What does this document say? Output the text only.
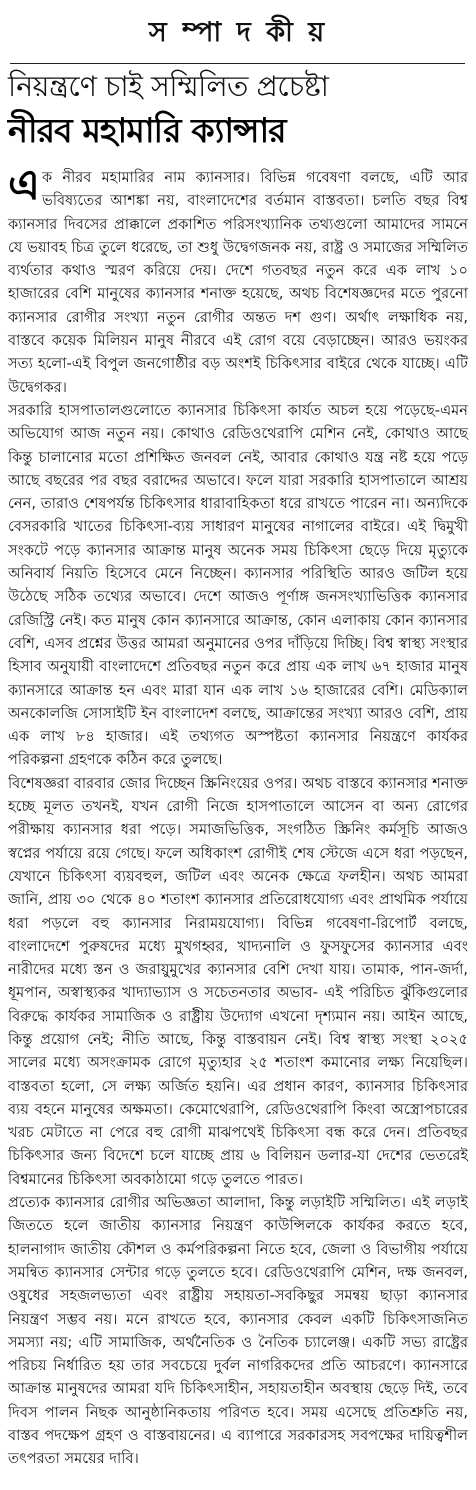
স ম্পা দ কী য়
নিয়ন্ত্রণে চাই সম্মিলিত প্রচেষ্টা
নীরব মহামারি ক্যান্সার

এক নীরব মহামারির নাম ক্যানসার। বিভিন্ন গবেষণা বলছে, এটি আর ভবিষ্যতের আশঙ্কা নয়, বাংলাদেশের বর্তমান বাস্তবতা। চলতি বছর বিশ্ব ক্যানসার দিবসের প্রাক্কালে প্রকাশিত পরিসংখ্যানিক তথ্যগুলো আমাদের সামনে যে ভয়াবহ চিত্র তুলে ধরেছে, তা শুধু উদ্বেগজনক নয়, রাষ্ট্র ও সমাজের সম্মিলিত ব্যর্থতার কথাও স্মরণ করিয়ে দেয়। দেশে গতবছর নতুন করে এক লাখ ১০ হাজারের বেশি মানুষের ক্যানসার শনাক্ত হয়েছে, অথচ বিশেষজ্ঞদের মতে পুরনো ক্যানসার রোগীর সংখ্যা নতুন রোগীর অন্তত দশ গুণ। অর্থাৎ লক্ষাধিক নয়, বাস্তবে কয়েক মিলিয়ন মানুষ নীরবে এই রোগ বয়ে বেড়াচ্ছেন। আরও ভয়ংকর সত্য হলো-এই বিপুল জনগোষ্ঠীর বড় অংশই চিকিৎসার বাইরে থেকে যাচ্ছে। এটি উদ্বেগকর।

সরকারি হাসপাতালগুলোতে ক্যানসার চিকিৎসা কার্যত অচল হয়ে পড়েছে-এমন অভিযোগ আজ নতুন নয়। কোথাও রেডিওথেরাপি মেশিন নেই, কোথাও আছে কিন্তু চালানোর মতো প্রশিক্ষিত জনবল নেই, আবার কোথাও যন্ত্র নষ্ট হয়ে পড়ে আছে বছরের পর বছর বরাদ্দের অভাবে। ফলে যারা সরকারি হাসপাতালে আশ্রয় নেন, তারাও শেষপর্যন্ত চিকিৎসার ধারাবাহিকতা ধরে রাখতে পারেন না। অন্যদিকে বেসরকারি খাতের চিকিৎসা-ব্যয় সাধারণ মানুষের নাগালের বাইরে। এই দ্বিমুখী সংকটে পড়ে ক্যানসার আক্রান্ত মানুষ অনেক সময় চিকিৎসা ছেড়ে দিয়ে মৃত্যুকে অনিবার্য নিয়তি হিসেবে মেনে নিচ্ছেন। ক্যানসার পরিস্থিতি আরও জটিল হয়ে উঠেছে সঠিক তথ্যের অভাবে। দেশে আজও পূর্ণাঙ্গ জনসংখ্যাভিত্তিক ক্যানসার রেজিস্ট্রি নেই। কত মানুষ কোন ক্যানসারে আক্রান্ত, কোন এলাকায় কোন ক্যানসার বেশি, এসব প্রশ্নের উত্তর আমরা অনুমানের ওপর দাঁড়িয়ে দিচ্ছি। বিশ্ব স্বাস্থ্য সংস্থার হিসাব অনুযায়ী বাংলাদেশে প্রতিবছর নতুন করে প্রায় এক লাখ ৬৭ হাজার মানুষ ক্যানসারে আক্রান্ত হন এবং মারা যান এক লাখ ১৬ হাজারের বেশি। মেডিক্যাল অনকোলজি সোসাইটি ইন বাংলাদেশ বলছে, আক্রান্তের সংখ্যা আরও বেশি, প্রায় এক লাখ ৮৪ হাজার। এই তথ্যগত অস্পষ্টতা ক্যানসার নিয়ন্ত্রণে কার্যকর পরিকল্পনা গ্রহণকে কঠিন করে তুলছে।

বিশেষজ্ঞরা বারবার জোর দিচ্ছেন স্ক্রিনিংয়ের ওপর। অথচ বাস্তবে ক্যানসার শনাক্ত হচ্ছে মূলত তখনই, যখন রোগী নিজে হাসপাতালে আসেন বা অন্য রোগের পরীক্ষায় ক্যানসার ধরা পড়ে। সমাজভিত্তিক, সংগঠিত স্ক্রিনিং কর্মসূচি আজও স্বপ্নের পর্যায়ে রয়ে গেছে। ফলে অধিকাংশ রোগীই শেষ স্টেজে এসে ধরা পড়ছেন, যেখানে চিকিৎসা ব্যয়বহুল, জটিল এবং অনেক ক্ষেত্রে ফলহীন। অথচ আমরা জানি, প্রায় ৩০ থেকে ৪০ শতাংশ ক্যানসার প্রতিরোধযোগ্য এবং প্রাথমিক পর্যায়ে ধরা পড়লে বহু ক্যানসার নিরাময়যোগ্য। বিভিন্ন গবেষণা-রিপোর্ট বলছে, বাংলাদেশে পুরুষদের মধ্যে মুখগহ্বর, খাদ্যনালি ও ফুসফুসের ক্যানসার এবং নারীদের মধ্যে স্তন ও জরায়ুমুখের ক্যানসার বেশি দেখা যায়। তামাক, পান-জর্দা, ধূমপান, অস্বাস্থ্যকর খাদ্যাভ্যাস ও সচেতনতার অভাব- এই পরিচিত ঝুঁকিগুলোর বিরুদ্ধে কার্যকর সামাজিক ও রাষ্ট্রীয় উদ্যোগ এখনো দৃশ্যমান নয়। আইন আছে, কিন্তু প্রয়োগ নেই; নীতি আছে, কিন্তু বাস্তবায়ন নেই। বিশ্ব স্বাস্থ্য সংস্থা ২০২৫ সালের মধ্যে অসংক্রামক রোগে মৃত্যুহার ২৫ শতাংশ কমানোর লক্ষ্য নিয়েছিল। বাস্তবতা হলো, সে লক্ষ্য অর্জিত হয়নি। এর প্রধান কারণ, ক্যানসার চিকিৎসার ব্যয় বহনে মানুষের অক্ষমতা। কেমোথেরাপি, রেডিওথেরাপি কিংবা অস্ত্রোপচারের খরচ মেটাতে না পেরে বহু রোগী মাঝপথেই চিকিৎসা বন্ধ করে দেন। প্রতিবছর চিকিৎসার জন্য বিদেশে চলে যাচ্ছে প্রায় ৬ বিলিয়ন ডলার-যা দেশের ভেতরেই বিশ্বমানের চিকিৎসা অবকাঠামো গড়ে তুলতে পারত।

প্রত্যেক ক্যানসার রোগীর অভিজ্ঞতা আলাদা, কিন্তু লড়াইটি সম্মিলিত। এই লড়াই জিততে হলে জাতীয় ক্যানসার নিয়ন্ত্রণ কাউন্সিলকে কার্যকর করতে হবে, হালনাগাদ জাতীয় কৌশল ও কর্মপরিকল্পনা নিতে হবে, জেলা ও বিভাগীয় পর্যায়ে সমন্বিত ক্যানসার সেন্টার গড়ে তুলতে হবে। রেডিওথেরাপি মেশিন, দক্ষ জনবল, ওষুধের সহজলভ্যতা এবং রাষ্ট্রীয় সহায়তা-সবকিছুর সমন্বয় ছাড়া ক্যানসার নিয়ন্ত্রণ সম্ভব নয়। মনে রাখতে হবে, ক্যানসার কেবল একটি চিকিৎসাজনিত সমস্যা নয়; এটি সামাজিক, অর্থনৈতিক ও নৈতিক চ্যালেঞ্জ। একটি সভ্য রাষ্ট্রের পরিচয় নির্ধারিত হয় তার সবচেয়ে দুর্বল নাগরিকদের প্রতি আচরণে। ক্যানসারে আক্রান্ত মানুষদের আমরা যদি চিকিৎসাহীন, সহায়তাহীন অবস্থায় ছেড়ে দিই, তবে দিবস পালন নিছক আনুষ্ঠানিকতায় পরিণত হবে। সময় এসেছে প্রতিশ্রুতি নয়, বাস্তব পদক্ষেপ গ্রহণ ও বাস্তবায়নের। এ ব্যাপারে সরকারসহ সবপক্ষের দায়িত্বশীল তৎপরতা সময়ের দাবি।
